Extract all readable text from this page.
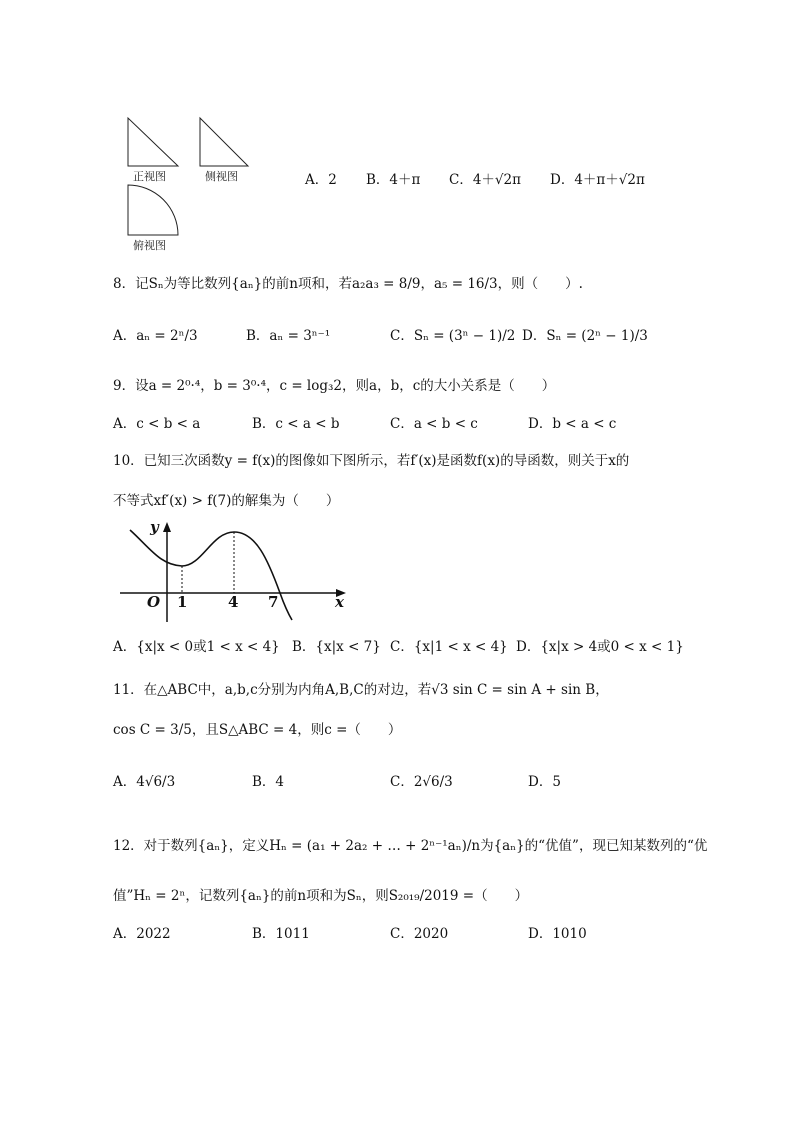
正视图	侧视图
俯视图
A．2 B．4＋π C．4＋√2π D．4＋π＋√2π
8．记Sₙ为等比数列{aₙ}的前n项和，若a₂a₃ = 8/9，a₅ = 16/3，则（　　）.
A．aₙ = 2ⁿ/3	B．aₙ = 3ⁿ⁻¹	C．Sₙ = (3ⁿ − 1)/2 D．Sₙ = (2ⁿ − 1)/3
9．设a = 2⁰·⁴，b = 3⁰·⁴，c = log₃2，则a，b，c的大小关系是（　　）
A．c < b < a	B．c < a < b	C．a < b < c	D．b < a < c
10．已知三次函数y = f(x)的图像如下图所示，若f′(x)是函数f(x)的导函数，则关于x的
不等式xf′(x) > f(7)的解集为（　　）
y
x
O 1	4 7
A．{x|x < 0或1 < x < 4} B．{x|x < 7} C．{x|1 < x < 4} D．{x|x > 4或0 < x < 1}
11．在△ABC中，a,b,c分别为内角A,B,C的对边，若√3 sin C = sin A + sin B，
cos C = 3/5，且S△ABC = 4，则c =（　　）
A．4√6/3	B．4	C．2√6/3	D．5
12．对于数列{aₙ}，定义Hₙ = (a₁ + 2a₂ + … + 2ⁿ⁻¹aₙ)/n为{aₙ}的“优值”，现已知某数列的“优
值”Hₙ = 2ⁿ，记数列{aₙ}的前n项和为Sₙ，则S₂₀₁₉/2019 =（　　）
A．2022	B．1011	C．2020	D．1010
